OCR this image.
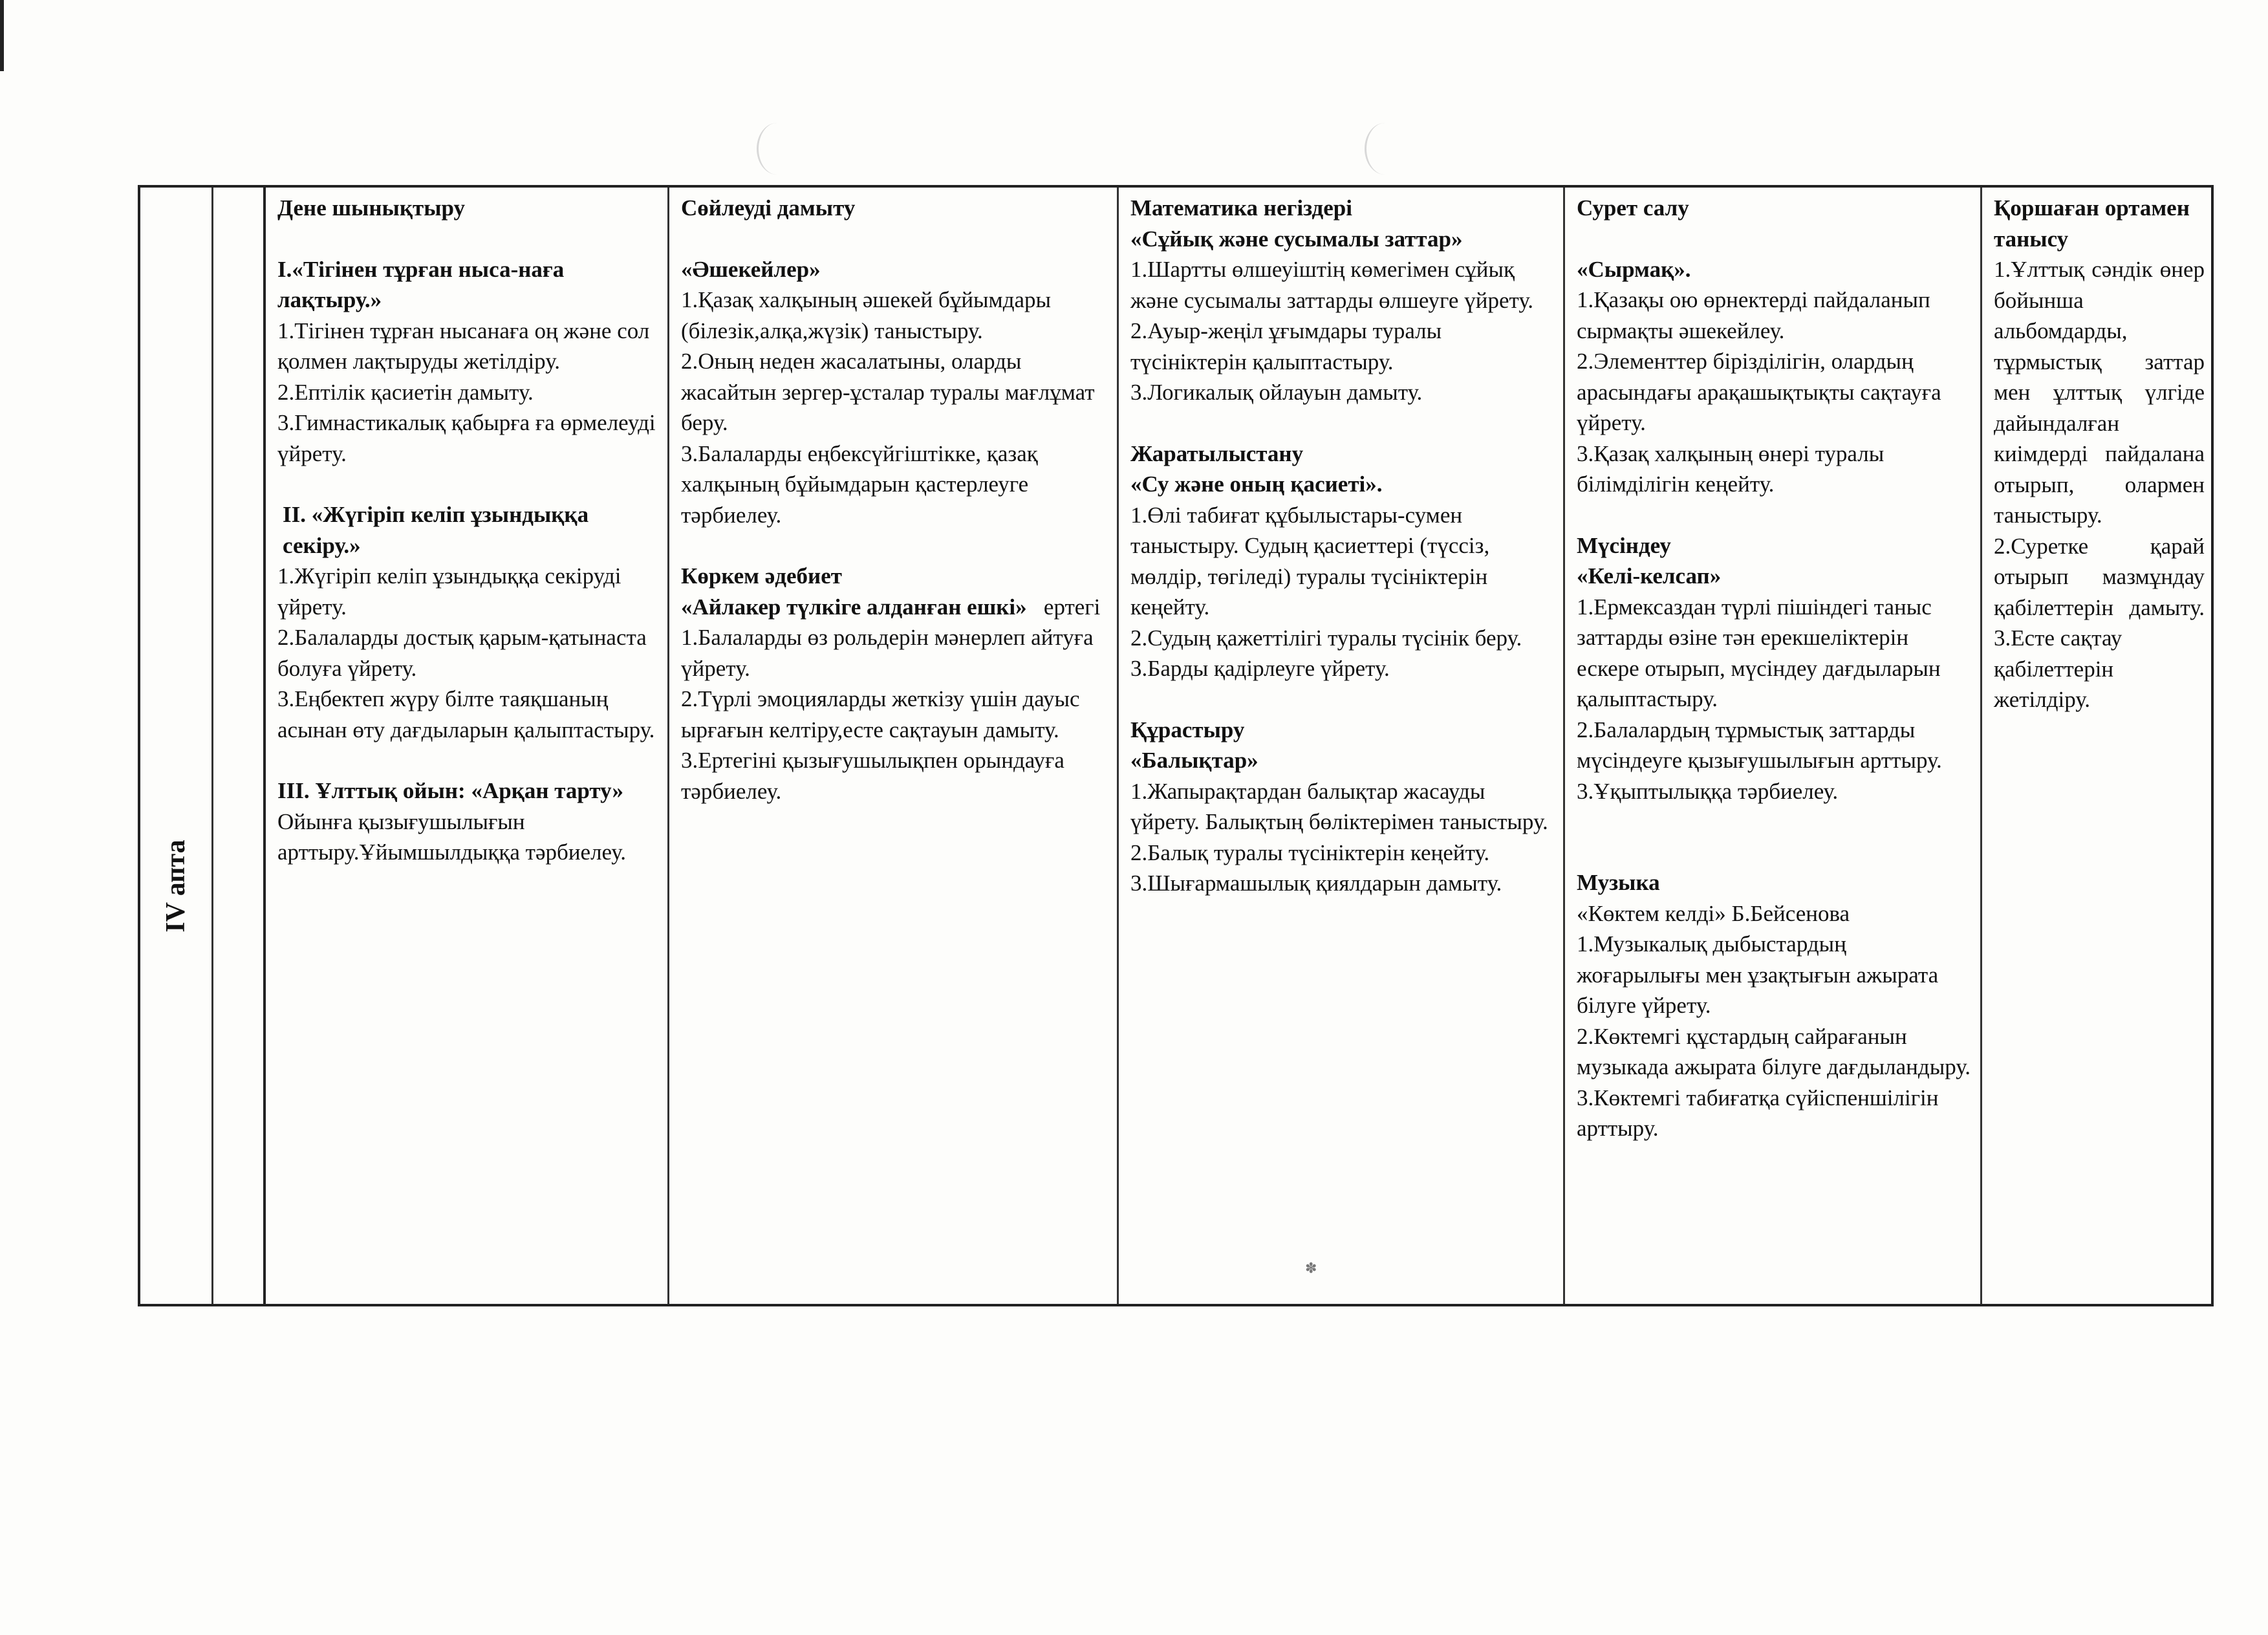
✽
IV апта

Дене шынықтыру

I.«Тігінен тұрған ныса-наға лақтыру.»

1.Тігінен тұрған нысанаға оң және сол қолмен лақтыруды жетілдіру.

2.Ептілік қасиетін дамыту.

3.Гимнастикалық қабырға ға өрмелеуді үйрету.

II. «Жүгіріп келіп ұзындыққа секіру.»

1.Жүгіріп келіп ұзындыққа секіруді үйрету.

2.Балаларды достық қарым-қатынаста болуға үйрету.

3.Еңбектеп жүру білте таяқшаның асынан өту дағдыларын қалыптастыру.

III. Ұлттық ойын: «Арқан тарту»

Ойынға қызығушылығын арттыру.Ұйымшылдыққа тәрбиелеу.

Сөйлеуді дамыту

«Әшекейлер»

1.Қазақ халқының әшекей бұйымдары (білезік,алқа,жүзік) таныстыру.

2.Оның неден жасалатыны, оларды жасайтын зергер-ұсталар туралы мағлұмат беру.

3.Балаларды еңбексүйгіштікке, қазақ халқының бұйымдарын қастерлеуге тәрбиелеу.

Көркем әдебиет

«Айлакер түлкіге алданған ешкі» ертегі

1.Балаларды өз рольдерін мәнерлеп айтуға үйрету.

2.Түрлі эмоцияларды жеткізу үшін дауыс ырғағын келтіру,есте сақтауын дамыту.

3.Ертегіні қызығушылықпен орындауға тәрбиелеу.

Математика негіздері

«Сұйық және сусымалы заттар»

1.Шартты өлшеуіштің көмегімен сұйық және сусымалы заттарды өлшеуге үйрету.

2.Ауыр-жеңіл ұғымдары туралы түсініктерін қалыптастыру.

3.Логикалық ойлауын дамыту.

Жаратылыстану

«Су және оның қасиеті».

1.Өлі табиғат құбылыстары-сумен таныстыру. Судың қасиеттері (түссіз, мөлдір, төгіледі) туралы түсініктерін кеңейту.

2.Судың қажеттілігі туралы түсінік беру.

3.Барды қадірлеуге үйрету.

Құрастыру

«Балықтар»

1.Жапырақтардан балықтар жасауды үйрету. Балықтың бөліктерімен таныстыру.

2.Балық туралы түсініктерін кеңейту.

3.Шығармашылық қиялдарын дамыту.

Сурет салу

«Сырмақ».

1.Қазақы ою өрнектерді пайдаланып сырмақты әшекейлеу.

2.Элементтер бірізділігін, олардың арасындағы арақашықтықты сақтауға үйрету.

3.Қазақ халқының өнері туралы білімділігін кеңейту.

Мүсіндеу

«Келі-келсап»

1.Ермексаздан түрлі пішіндегі таныс заттарды өзіне тән ерекшеліктерін ескере отырып, мүсіндеу дағдыларын қалыптастыру.

2.Балалардың тұрмыстық заттарды мүсіндеуге қызығушылығын арттыру.

3.Ұқыптылыққа тәрбиелеу.

Музыка

«Көктем келді» Б.Бейсенова

1.Музыкалық дыбыстардың жоғарылығы мен ұзақтығын ажырата білуге үйрету.

2.Көктемгі құстардың сайрағанын музыкада ажырата білуге дағдыландыру.

3.Көктемгі табиғатқа сүйіспеншілігін арттыру.

Қоршаған ортамен танысу

1.Ұлттық сәндік өнер бойынша альбомдарды, тұрмыстық заттар мен ұлттық үлгіде дайындалған киімдерді пайдалана отырып, олармен таныстыру.

2.Суретке қарай отырып мазмұндау қабілеттерін дамыту.

3.Есте сақтау қабілеттерін жетілдіру.
